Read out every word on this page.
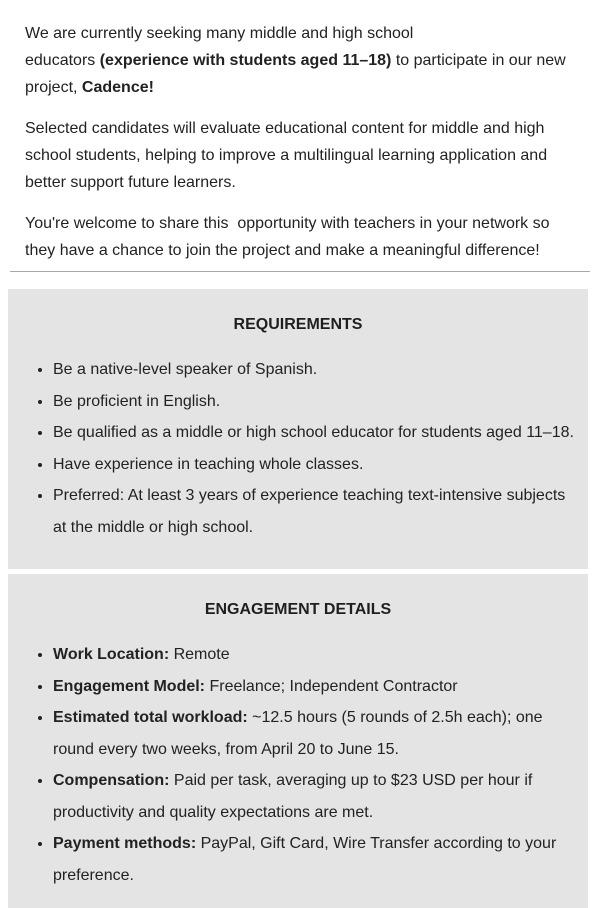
We are currently seeking many middle and high school
educators (experience with students aged 11–18) to participate in our new
project, Cadence!

Selected candidates will evaluate educational content for middle and high
school students, helping to improve a multilingual learning application and
better support future learners.

You're welcome to share this  opportunity with teachers in your network so
they have a chance to join the project and make a meaningful difference!

REQUIREMENTS
• Be a native-level speaker of Spanish.
• Be proficient in English.
• Be qualified as a middle or high school educator for students aged 11–18.
• Have experience in teaching whole classes.
• Preferred: At least 3 years of experience teaching text-intensive subjects
at the middle or high school.
ENGAGEMENT DETAILS
• Work Location: Remote
• Engagement Model: Freelance; Independent Contractor
• Estimated total workload: ~12.5 hours (5 rounds of 2.5h each); one
round every two weeks, from April 20 to June 15.
• Compensation: Paid per task, averaging up to $23 USD per hour if
productivity and quality expectations are met.
• Payment methods: PayPal, Gift Card, Wire Transfer according to your
preference.
